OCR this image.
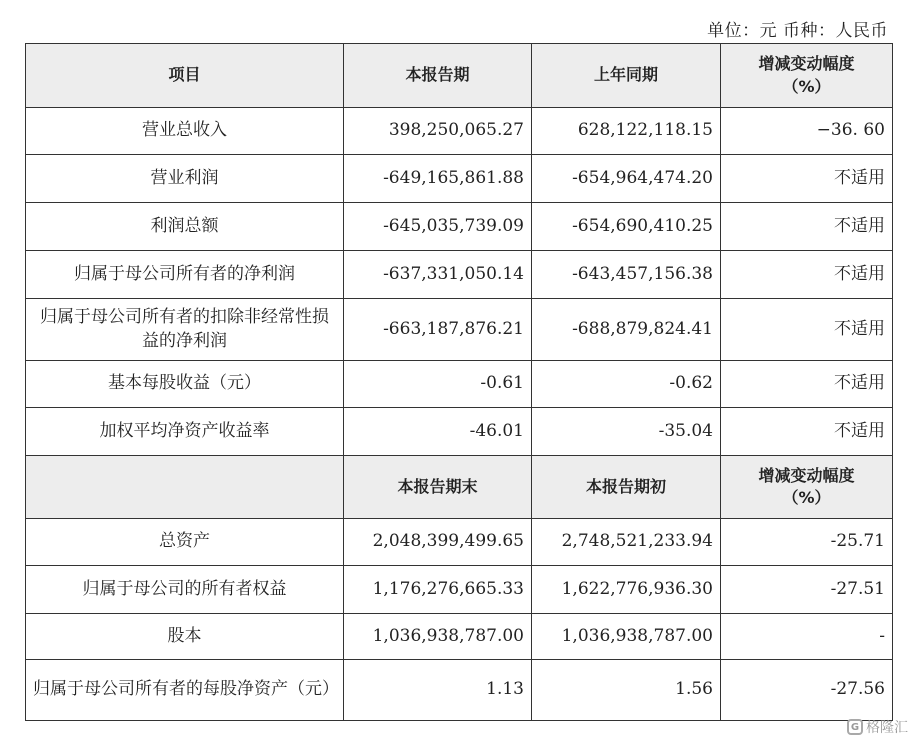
单位：元 币种：人民币
项目	本报告期	上年同期	增减变动幅度
（%）
营业总收入	398,250,065.27	628,122,118.15	−36. 60
营业利润	-649,165,861.88	-654,964,474.20	不适用
利润总额	-645,035,739.09	-654,690,410.25	不适用
归属于母公司所有者的净利润	-637,331,050.14	-643,457,156.38	不适用
归属于母公司所有者的扣除非经常性损益的净利润	-663,187,876.21	-688,879,824.41	不适用
基本每股收益（元）	-0.61	-0.62	不适用
加权平均净资产收益率	-46.01	-35.04	不适用
	本报告期末	本报告期初	增减变动幅度
（%）
总资产	2,048,399,499.65	2,748,521,233.94	-25.71
归属于母公司的所有者权益	1,176,276,665.33	1,622,776,936.30	-27.51
股本	1,036,938,787.00	1,036,938,787.00	-
归属于母公司所有者的每股净资产（元）	1.13	1.56	-27.56
G 格隆汇
